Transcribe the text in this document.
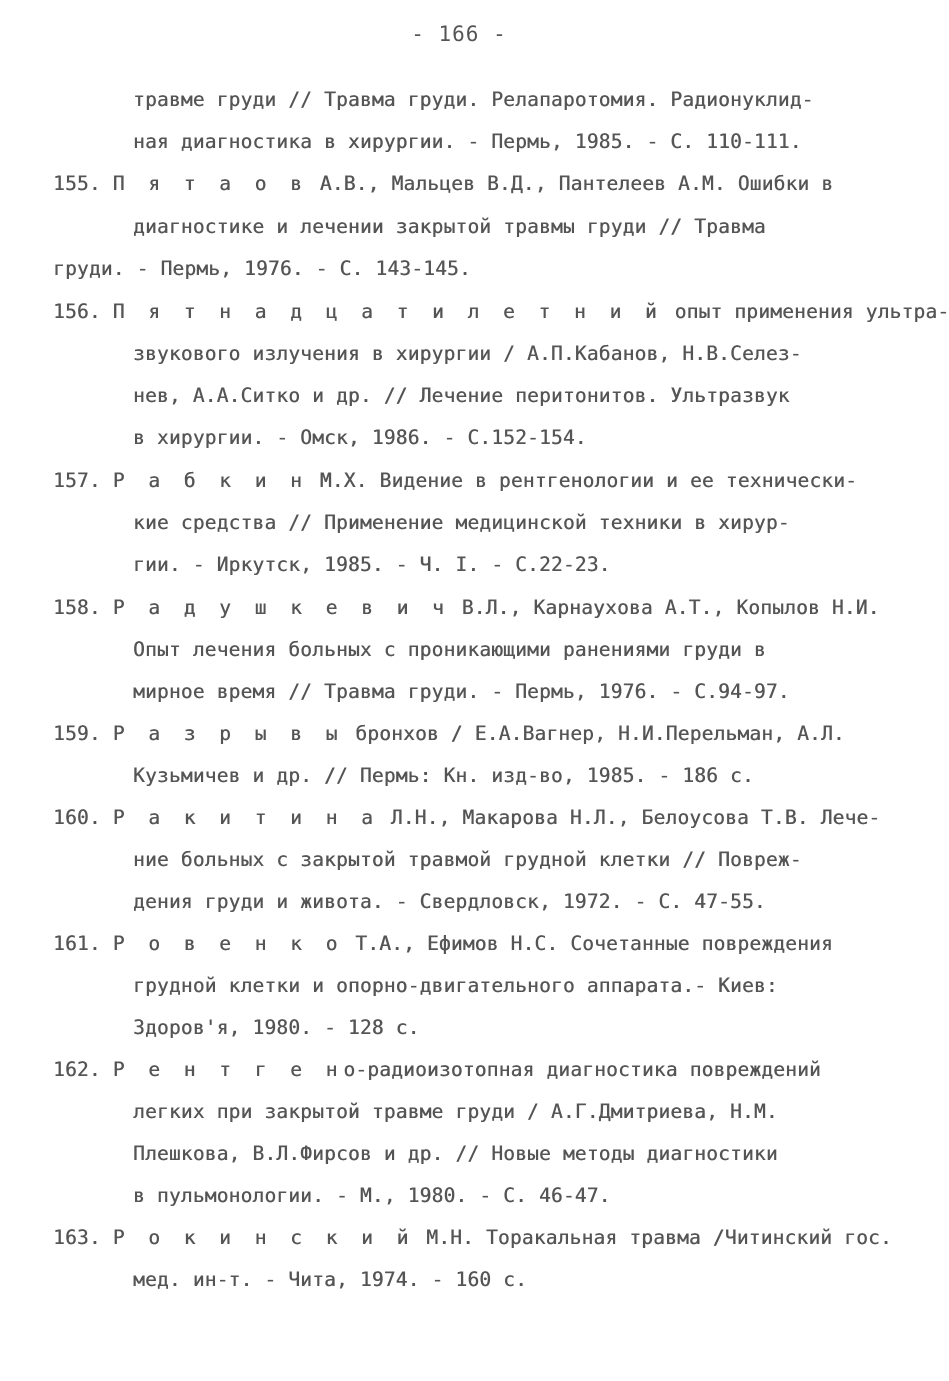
- 166 -
травме груди // Травма груди. Релапаротомия. Радионуклид-
ная диагностика в хирургии. - Пермь, 1985. - С. 110-111.
155. П я т а о в А.В., Мальцев В.Д., Пантелеев А.М. Ошибки в
диагностике и лечении закрытой травмы груди // Травма
груди. - Пермь, 1976. - С. 143-145.
156. П я т н а д ц а т и л е т н и й опыт применения ультра-
звукового излучения в хирургии / А.П.Кабанов, Н.В.Селез-
нев, А.А.Ситко и др. // Лечение перитонитов. Ультразвук
в хирургии. - Омск, 1986. - С.152-154.
157. Р а б к и н М.Х. Видение в рентгенологии и ее технически-
кие средства // Применение медицинской техники в хирур-
гии. - Иркутск, 1985. - Ч. I. - С.22-23.
158. Р а д у ш к е в и ч В.Л., Карнаухова А.Т., Копылов Н.И.
Опыт лечения больных с проникающими ранениями груди в
мирное время // Травма груди. - Пермь, 1976. - С.94-97.
159. Р а з р ы в ы бронхов / Е.А.Вагнер, Н.И.Перельман, А.Л.
Кузьмичев и др. // Пермь: Кн. изд-во, 1985. - 186 с.
160. Р а к и т и н а Л.Н., Макарова Н.Л., Белоусова Т.В. Лече-
ние больных с закрытой травмой грудной клетки // Повреж-
дения груди и живота. - Свердловск, 1972. - С. 47-55.
161. Р о в е н к о Т.А., Ефимов Н.С. Сочетанные повреждения
грудной клетки и опорно-двигательного аппарата.- Киев:
Здоров'я, 1980. - 128 с.
162. Р е н т г е но-радиоизотопная диагностика повреждений
легких при закрытой травме груди / А.Г.Дмитриева, Н.М.
Плешкова, В.Л.Фирсов и др. // Новые методы диагностики
в пульмонологии. - М., 1980. - С. 46-47.
163. Р о к и н с к и й М.Н. Торакальная травма /Читинский гос.
мед. ин-т. - Чита, 1974. - 160 с.
